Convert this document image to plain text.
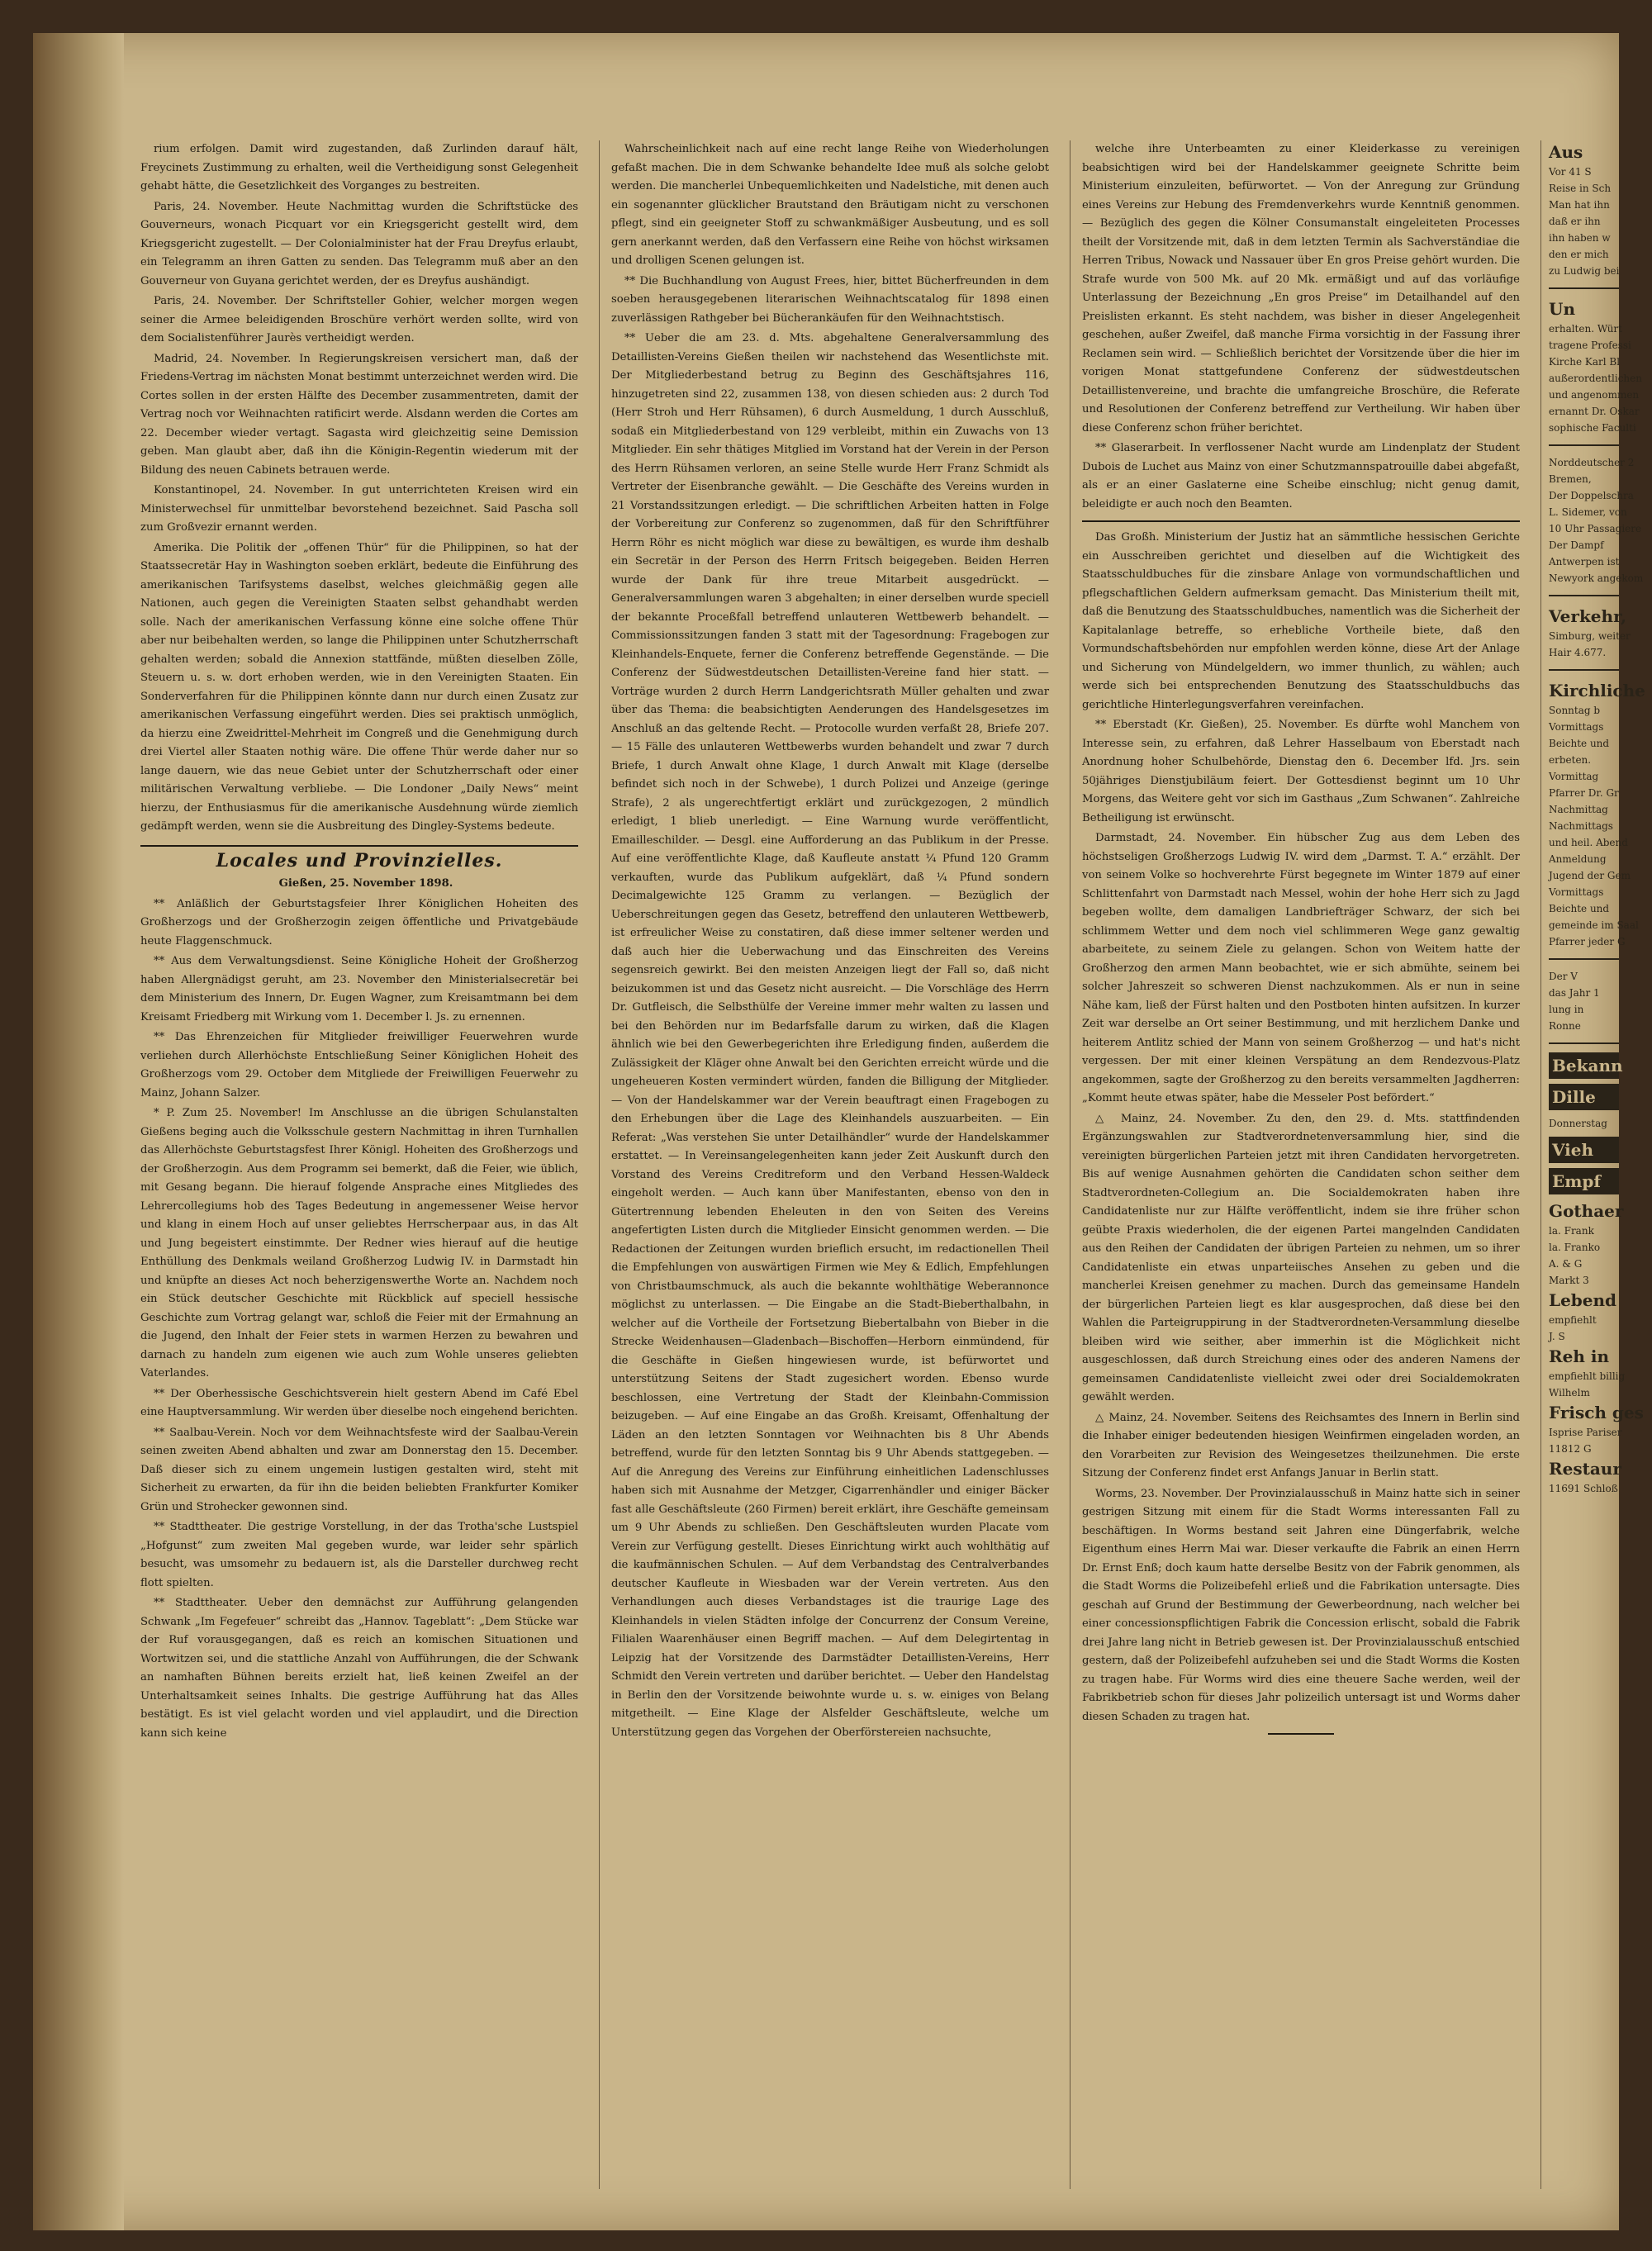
rium erfolgen. Damit wird zugestanden, daß Zurlinden darauf hält, Freycinets Zustimmung zu erhalten, weil die Vertheidigung sonst Gelegenheit gehabt hätte, die Gesetzlichkeit des Vorganges zu bestreiten.

Paris, 24. November. Heute Nachmittag wurden die Schriftstücke des Gouverneurs, wonach Picquart vor ein Kriegsgericht gestellt wird, dem Kriegsgericht zugestellt. — Der Colonialminister hat der Frau Dreyfus erlaubt, ein Telegramm an ihren Gatten zu senden. Das Telegramm muß aber an den Gouverneur von Guyana gerichtet werden, der es Dreyfus aushändigt.

Paris, 24. November. Der Schriftsteller Gohier, welcher morgen wegen seiner die Armee beleidigenden Broschüre verhört werden sollte, wird von dem Socialistenführer Jaurès vertheidigt werden.

Madrid, 24. November. In Regierungskreisen versichert man, daß der Friedens-Vertrag im nächsten Monat bestimmt unterzeichnet werden wird. Die Cortes sollen in der ersten Hälfte des December zusammentreten, damit der Vertrag noch vor Weihnachten ratificirt werde. Alsdann werden die Cortes am 22. December wieder vertagt. Sagasta wird gleichzeitig seine Demission geben. Man glaubt aber, daß ihn die Königin-Regentin wiederum mit der Bildung des neuen Cabinets betrauen werde.

Konstantinopel, 24. November. In gut unterrichteten Kreisen wird ein Ministerwechsel für unmittelbar bevorstehend bezeichnet. Said Pascha soll zum Großvezir ernannt werden.

Amerika. Die Politik der „offenen Thür“ für die Philippinen, so hat der Staatssecretär Hay in Washington soeben erklärt, bedeute die Einführung des amerikanischen Tarifsystems daselbst, welches gleichmäßig gegen alle Nationen, auch gegen die Vereinigten Staaten selbst gehandhabt werden solle. Nach der amerikanischen Verfassung könne eine solche offene Thür aber nur beibehalten werden, so lange die Philippinen unter Schutzherrschaft gehalten werden; sobald die Annexion stattfände, müßten dieselben Zölle, Steuern u. s. w. dort erhoben werden, wie in den Vereinigten Staaten. Ein Sonderverfahren für die Philippinen könnte dann nur durch einen Zusatz zur amerikanischen Verfassung eingeführt werden. Dies sei praktisch unmöglich, da hierzu eine Zweidrittel-Mehrheit im Congreß und die Genehmigung durch drei Viertel aller Staaten nothig wäre. Die offene Thür werde daher nur so lange dauern, wie das neue Gebiet unter der Schutzherrschaft oder einer militärischen Verwaltung verbliebe. — Die Londoner „Daily News“ meint hierzu, der Enthusiasmus für die amerikanische Ausdehnung würde ziemlich gedämpft werden, wenn sie die Ausbreitung des Dingley-Systems bedeute.

Locales und Provinzielles.

Gießen, 25. November 1898.

** Anläßlich der Geburtstagsfeier Ihrer Königlichen Hoheiten des Großherzogs und der Großherzogin zeigen öffentliche und Privatgebäude heute Flaggenschmuck.

** Aus dem Verwaltungsdienst. Seine Königliche Hoheit der Großherzog haben Allergnädigst geruht, am 23. November den Ministerialsecretär bei dem Ministerium des Innern, Dr. Eugen Wagner, zum Kreisamtmann bei dem Kreisamt Friedberg mit Wirkung vom 1. December l. Js. zu ernennen.

** Das Ehrenzeichen für Mitglieder freiwilliger Feuerwehren wurde verliehen durch Allerhöchste Entschließung Seiner Königlichen Hoheit des Großherzogs vom 29. October dem Mitgliede der Freiwilligen Feuerwehr zu Mainz, Johann Salzer.

* P. Zum 25. November! Im Anschlusse an die übrigen Schulanstalten Gießens beging auch die Volksschule gestern Nachmittag in ihren Turnhallen das Allerhöchste Geburtstagsfest Ihrer Königl. Hoheiten des Großherzogs und der Großherzogin. Aus dem Programm sei bemerkt, daß die Feier, wie üblich, mit Gesang begann. Die hierauf folgende Ansprache eines Mitgliedes des Lehrercollegiums hob des Tages Bedeutung in angemessener Weise hervor und klang in einem Hoch auf unser geliebtes Herrscherpaar aus, in das Alt und Jung begeistert einstimmte. Der Redner wies hierauf auf die heutige Enthüllung des Denkmals weiland Großherzog Ludwig IV. in Darmstadt hin und knüpfte an dieses Act noch beherzigenswerthe Worte an. Nachdem noch ein Stück deutscher Geschichte mit Rückblick auf speciell hessische Geschichte zum Vortrag gelangt war, schloß die Feier mit der Ermahnung an die Jugend, den Inhalt der Feier stets in warmen Herzen zu bewahren und darnach zu handeln zum eigenen wie auch zum Wohle unseres geliebten Vaterlandes.

** Der Oberhessische Geschichtsverein hielt gestern Abend im Café Ebel eine Hauptversammlung. Wir werden über dieselbe noch eingehend berichten.

** Saalbau-Verein. Noch vor dem Weihnachtsfeste wird der Saalbau-Verein seinen zweiten Abend abhalten und zwar am Donnerstag den 15. December. Daß dieser sich zu einem ungemein lustigen gestalten wird, steht mit Sicherheit zu erwarten, da für ihn die beiden beliebten Frankfurter Komiker Grün und Strohecker gewonnen sind.

** Stadttheater. Die gestrige Vorstellung, in der das Trotha'sche Lustspiel „Hofgunst“ zum zweiten Mal gegeben wurde, war leider sehr spärlich besucht, was umsomehr zu bedauern ist, als die Darsteller durchweg recht flott spielten.

** Stadttheater. Ueber den demnächst zur Aufführung gelangenden Schwank „Im Fegefeuer“ schreibt das „Hannov. Tageblatt“: „Dem Stücke war der Ruf vorausgegangen, daß es reich an komischen Situationen und Wortwitzen sei, und die stattliche Anzahl von Aufführungen, die der Schwank an namhaften Bühnen bereits erzielt hat, ließ keinen Zweifel an der Unterhaltsamkeit seines Inhalts. Die gestrige Aufführung hat das Alles bestätigt. Es ist viel gelacht worden und viel applaudirt, und die Direction kann sich keine

Wahrscheinlichkeit nach auf eine recht lange Reihe von Wiederholungen gefaßt machen. Die in dem Schwanke behandelte Idee muß als solche gelobt werden. Die mancherlei Unbequemlichkeiten und Nadelstiche, mit denen auch ein sogenannter glücklicher Brautstand den Bräutigam nicht zu verschonen pflegt, sind ein geeigneter Stoff zu schwankmäßiger Ausbeutung, und es soll gern anerkannt werden, daß den Verfassern eine Reihe von höchst wirksamen und drolligen Scenen gelungen ist.

** Die Buchhandlung von August Frees, hier, bittet Bücherfreunden in dem soeben herausgegebenen literarischen Weihnachtscatalog für 1898 einen zuverlässigen Rathgeber bei Bücherankäufen für den Weihnachtstisch.

** Ueber die am 23. d. Mts. abgehaltene Generalversammlung des Detaillisten-Vereins Gießen theilen wir nachstehend das Wesentlichste mit. Der Mitgliederbestand betrug zu Beginn des Geschäftsjahres 116, hinzugetreten sind 22, zusammen 138, von diesen schieden aus: 2 durch Tod (Herr Stroh und Herr Rühsamen), 6 durch Ausmeldung, 1 durch Ausschluß, sodaß ein Mitgliederbestand von 129 verbleibt, mithin ein Zuwachs von 13 Mitglieder. Ein sehr thätiges Mitglied im Vorstand hat der Verein in der Person des Herrn Rühsamen verloren, an seine Stelle wurde Herr Franz Schmidt als Vertreter der Eisenbranche gewählt. — Die Geschäfte des Vereins wurden in 21 Vorstandssitzungen erledigt. — Die schriftlichen Arbeiten hatten in Folge der Vorbereitung zur Conferenz so zugenommen, daß für den Schriftführer Herrn Röhr es nicht möglich war diese zu bewältigen, es wurde ihm deshalb ein Secretär in der Person des Herrn Fritsch beigegeben. Beiden Herren wurde der Dank für ihre treue Mitarbeit ausgedrückt. — Generalversammlungen waren 3 abgehalten; in einer derselben wurde speciell der bekannte Proceßfall betreffend unlauteren Wettbewerb behandelt. — Commissionssitzungen fanden 3 statt mit der Tagesordnung: Fragebogen zur Kleinhandels-Enquete, ferner die Conferenz betreffende Gegenstände. — Die Conferenz der Südwestdeutschen Detaillisten-Vereine fand hier statt. — Vorträge wurden 2 durch Herrn Landgerichtsrath Müller gehalten und zwar über das Thema: die beabsichtigten Aenderungen des Handelsgesetzes im Anschluß an das geltende Recht. — Protocolle wurden verfaßt 28, Briefe 207. — 15 Fälle des unlauteren Wettbewerbs wurden behandelt und zwar 7 durch Briefe, 1 durch Anwalt ohne Klage, 1 durch Anwalt mit Klage (derselbe befindet sich noch in der Schwebe), 1 durch Polizei und Anzeige (geringe Strafe), 2 als ungerechtfertigt erklärt und zurückgezogen, 2 mündlich erledigt, 1 blieb unerledigt. — Eine Warnung wurde veröffentlicht, Emailleschilder. — Desgl. eine Aufforderung an das Publikum in der Presse. Auf eine veröffentlichte Klage, daß Kaufleute anstatt ¼ Pfund 120 Gramm verkauften, wurde das Publikum aufgeklärt, daß ¼ Pfund sondern Decimalgewichte 125 Gramm zu verlangen. — Bezüglich der Ueberschreitungen gegen das Gesetz, betreffend den unlauteren Wettbewerb, ist erfreulicher Weise zu constatiren, daß diese immer seltener werden und daß auch hier die Ueberwachung und das Einschreiten des Vereins segensreich gewirkt. Bei den meisten Anzeigen liegt der Fall so, daß nicht beizukommen ist und das Gesetz nicht ausreicht. — Die Vorschläge des Herrn Dr. Gutfleisch, die Selbsthülfe der Vereine immer mehr walten zu lassen und bei den Behörden nur im Bedarfsfalle darum zu wirken, daß die Klagen ähnlich wie bei den Gewerbegerichten ihre Erledigung finden, außerdem die Zulässigkeit der Kläger ohne Anwalt bei den Gerichten erreicht würde und die ungeheueren Kosten vermindert würden, fanden die Billigung der Mitglieder. — Von der Handelskammer war der Verein beauftragt einen Fragebogen zu den Erhebungen über die Lage des Kleinhandels auszuarbeiten. — Ein Referat: „Was verstehen Sie unter Detailhändler“ wurde der Handelskammer erstattet. — In Vereinsangelegenheiten kann jeder Zeit Auskunft durch den Vorstand des Vereins Creditreform und den Verband Hessen-Waldeck eingeholt werden. — Auch kann über Manifestanten, ebenso von den in Gütertrennung lebenden Eheleuten in den von Seiten des Vereins angefertigten Listen durch die Mitglieder Einsicht genommen werden. — Die Redactionen der Zeitungen wurden brieflich ersucht, im redactionellen Theil die Empfehlungen von auswärtigen Firmen wie Mey & Edlich, Empfehlungen von Christbaumschmuck, als auch die bekannte wohlthätige Weberannonce möglichst zu unterlassen. — Die Eingabe an die Stadt-Bieberthalbahn, in welcher auf die Vortheile der Fortsetzung Biebertalbahn von Bieber in die Strecke Weidenhausen—Gladenbach—Bischoffen—Herborn einmündend, für die Geschäfte in Gießen hingewiesen wurde, ist befürwortet und unterstützung Seitens der Stadt zugesichert worden. Ebenso wurde beschlossen, eine Vertretung der Stadt der Kleinbahn-Commission beizugeben. — Auf eine Eingabe an das Großh. Kreisamt, Offenhaltung der Läden an den letzten Sonntagen vor Weihnachten bis 8 Uhr Abends betreffend, wurde für den letzten Sonntag bis 9 Uhr Abends stattgegeben. — Auf die Anregung des Vereins zur Einführung einheitlichen Ladenschlusses haben sich mit Ausnahme der Metzger, Cigarrenhändler und einiger Bäcker fast alle Geschäftsleute (260 Firmen) bereit erklärt, ihre Geschäfte gemeinsam um 9 Uhr Abends zu schließen. Den Geschäftsleuten wurden Placate vom Verein zur Verfügung gestellt. Dieses Einrichtung wirkt auch wohlthätig auf die kaufmännischen Schulen. — Auf dem Verbandstag des Centralverbandes deutscher Kaufleute in Wiesbaden war der Verein vertreten. Aus den Verhandlungen auch dieses Verbandstages ist die traurige Lage des Kleinhandels in vielen Städten infolge der Concurrenz der Consum Vereine, Filialen Waarenhäuser einen Begriff machen. — Auf dem Delegirtentag in Leipzig hat der Vorsitzende des Darmstädter Detaillisten-Vereins, Herr Schmidt den Verein vertreten und darüber berichtet. — Ueber den Handelstag in Berlin den der Vorsitzende beiwohnte wurde u. s. w. einiges von Belang mitgetheilt. — Eine Klage der Alsfelder Geschäftsleute, welche um Unterstützung gegen das Vorgehen der Oberförstereien nachsuchte,

welche ihre Unterbeamten zu einer Kleiderkasse zu vereinigen beabsichtigen wird bei der Handelskammer geeignete Schritte beim Ministerium einzuleiten, befürwortet. — Von der Anregung zur Gründung eines Vereins zur Hebung des Fremdenverkehrs wurde Kenntniß genommen. — Bezüglich des gegen die Kölner Consumanstalt eingeleiteten Processes theilt der Vorsitzende mit, daß in dem letzten Termin als Sachverständiae die Herren Tribus, Nowack und Nassauer über En gros Preise gehört wurden. Die Strafe wurde von 500 Mk. auf 20 Mk. ermäßigt und auf das vorläufige Unterlassung der Bezeichnung „En gros Preise“ im Detailhandel auf den Preislisten erkannt. Es steht nachdem, was bisher in dieser Angelegenheit geschehen, außer Zweifel, daß manche Firma vorsichtig in der Fassung ihrer Reclamen sein wird. — Schließlich berichtet der Vorsitzende über die hier im vorigen Monat stattgefundene Conferenz der südwestdeutschen Detaillistenvereine, und brachte die umfangreiche Broschüre, die Referate und Resolutionen der Conferenz betreffend zur Vertheilung. Wir haben über diese Conferenz schon früher berichtet.

** Glaserarbeit. In verflossener Nacht wurde am Lindenplatz der Student Dubois de Luchet aus Mainz von einer Schutzmannspatrouille dabei abgefaßt, als er an einer Gaslaterne eine Scheibe einschlug; nicht genug damit, beleidigte er auch noch den Beamten.

Das Großh. Ministerium der Justiz hat an sämmtliche hessischen Gerichte ein Ausschreiben gerichtet und dieselben auf die Wichtigkeit des Staatsschuldbuches für die zinsbare Anlage von vormundschaftlichen und pflegschaftlichen Geldern aufmerksam gemacht. Das Ministerium theilt mit, daß die Benutzung des Staatsschuldbuches, namentlich was die Sicherheit der Kapitalanlage betreffe, so erhebliche Vortheile biete, daß den Vormundschaftsbehörden nur empfohlen werden könne, diese Art der Anlage und Sicherung von Mündelgeldern, wo immer thunlich, zu wählen; auch werde sich bei entsprechenden Benutzung des Staatsschuldbuchs das gerichtliche Hinterlegungsverfahren vereinfachen.

** Eberstadt (Kr. Gießen), 25. November. Es dürfte wohl Manchem von Interesse sein, zu erfahren, daß Lehrer Hasselbaum von Eberstadt nach Anordnung hoher Schulbehörde, Dienstag den 6. December lfd. Jrs. sein 50jähriges Dienstjubiläum feiert. Der Gottesdienst beginnt um 10 Uhr Morgens, das Weitere geht vor sich im Gasthaus „Zum Schwanen“. Zahlreiche Betheiligung ist erwünscht.

Darmstadt, 24. November. Ein hübscher Zug aus dem Leben des höchstseligen Großherzogs Ludwig IV. wird dem „Darmst. T. A.“ erzählt. Der von seinem Volke so hochverehrte Fürst begegnete im Winter 1879 auf einer Schlittenfahrt von Darmstadt nach Messel, wohin der hohe Herr sich zu Jagd begeben wollte, dem damaligen Landbriefträger Schwarz, der sich bei schlimmem Wetter und dem noch viel schlimmeren Wege ganz gewaltig abarbeitete, zu seinem Ziele zu gelangen. Schon von Weitem hatte der Großherzog den armen Mann beobachtet, wie er sich abmühte, seinem bei solcher Jahreszeit so schweren Dienst nachzukommen. Als er nun in seine Nähe kam, ließ der Fürst halten und den Postboten hinten aufsitzen. In kurzer Zeit war derselbe an Ort seiner Bestimmung, und mit herzlichem Danke und heiterem Antlitz schied der Mann von seinem Großherzog — und hat's nicht vergessen. Der mit einer kleinen Verspätung an dem Rendezvous-Platz angekommen, sagte der Großherzog zu den bereits versammelten Jagdherren: „Kommt heute etwas später, habe die Messeler Post befördert.“

△ Mainz, 24. November. Zu den, den 29. d. Mts. stattfindenden Ergänzungswahlen zur Stadtverordnetenversammlung hier, sind die vereinigten bürgerlichen Parteien jetzt mit ihren Candidaten hervorgetreten. Bis auf wenige Ausnahmen gehörten die Candidaten schon seither dem Stadtverordneten-Collegium an. Die Socialdemokraten haben ihre Candidatenliste nur zur Hälfte veröffentlicht, indem sie ihre früher schon geübte Praxis wiederholen, die der eigenen Partei mangelnden Candidaten aus den Reihen der Candidaten der übrigen Parteien zu nehmen, um so ihrer Candidatenliste ein etwas unparteiisches Ansehen zu geben und die mancherlei Kreisen genehmer zu machen. Durch das gemeinsame Handeln der bürgerlichen Parteien liegt es klar ausgesprochen, daß diese bei den Wahlen die Parteigruppirung in der Stadtverordneten-Versammlung dieselbe bleiben wird wie seither, aber immerhin ist die Möglichkeit nicht ausgeschlossen, daß durch Streichung eines oder des anderen Namens der gemeinsamen Candidatenliste vielleicht zwei oder drei Socialdemokraten gewählt werden.

△ Mainz, 24. November. Seitens des Reichsamtes des Innern in Berlin sind die Inhaber einiger bedeutenden hiesigen Weinfirmen eingeladen worden, an den Vorarbeiten zur Revision des Weingesetzes theilzunehmen. Die erste Sitzung der Conferenz findet erst Anfangs Januar in Berlin statt.

Worms, 23. November. Der Provinzialausschuß in Mainz hatte sich in seiner gestrigen Sitzung mit einem für die Stadt Worms interessanten Fall zu beschäftigen. In Worms bestand seit Jahren eine Düngerfabrik, welche Eigenthum eines Herrn Mai war. Dieser verkaufte die Fabrik an einen Herrn Dr. Ernst Enß; doch kaum hatte derselbe Besitz von der Fabrik genommen, als die Stadt Worms die Polizeibefehl erließ und die Fabrikation untersagte. Dies geschah auf Grund der Bestimmung der Gewerbeordnung, nach welcher bei einer concessionspflichtigen Fabrik die Concession erlischt, sobald die Fabrik drei Jahre lang nicht in Betrieb gewesen ist. Der Provinzialausschuß entschied gestern, daß der Polizeibefehl aufzuheben sei und die Stadt Worms die Kosten zu tragen habe. Für Worms wird dies eine theuere Sache werden, weil der Fabrikbetrieb schon für dieses Jahr polizeilich untersagt ist und Worms daher diesen Schaden zu tragen hat.

Aus
Vor 41 S
Reise in Sch
Man hat ihn
daß er ihn
ihn haben w
den er mich
zu Ludwig bei
Un
erhalten. Würt
tragene Professi
Kirche Karl Bl
außerordentlichen
und angenommen
ernannt Dr. Oskar
sophische Faculti
Norddeutscher 2
Bremen,
Der Doppelschra
L. Sidemer, von
10 Uhr Passagiere
Der Dampf
Antwerpen ist
Newyork angekom
Verkehr,
Simburg, weiter
Hair 4.677.
Kirchliche
Sonntag b
Vormittags
Beichte und
erbeten.
Vormittag
Pfarrer Dr. Gr
Nachmittag
Nachmittags
und heil. Abend
Anmeldung
Jugend der Gem
Vormittags
Beichte und
gemeinde im Saal
Pfarrer jeder G
Der V
das Jahr 1
lung in
Ronne
Bekann
Dille
Donnerstag
Vieh
Empf
Gothaer
la. Frank
la. Franko
A. & G
Markt 3
Lebend
empfiehlt
J. S
Reh in
empfiehlt billig
Wilhelm
Frisch ges
Isprise Pariser
11812 G
Restaur
11691 Schloß
